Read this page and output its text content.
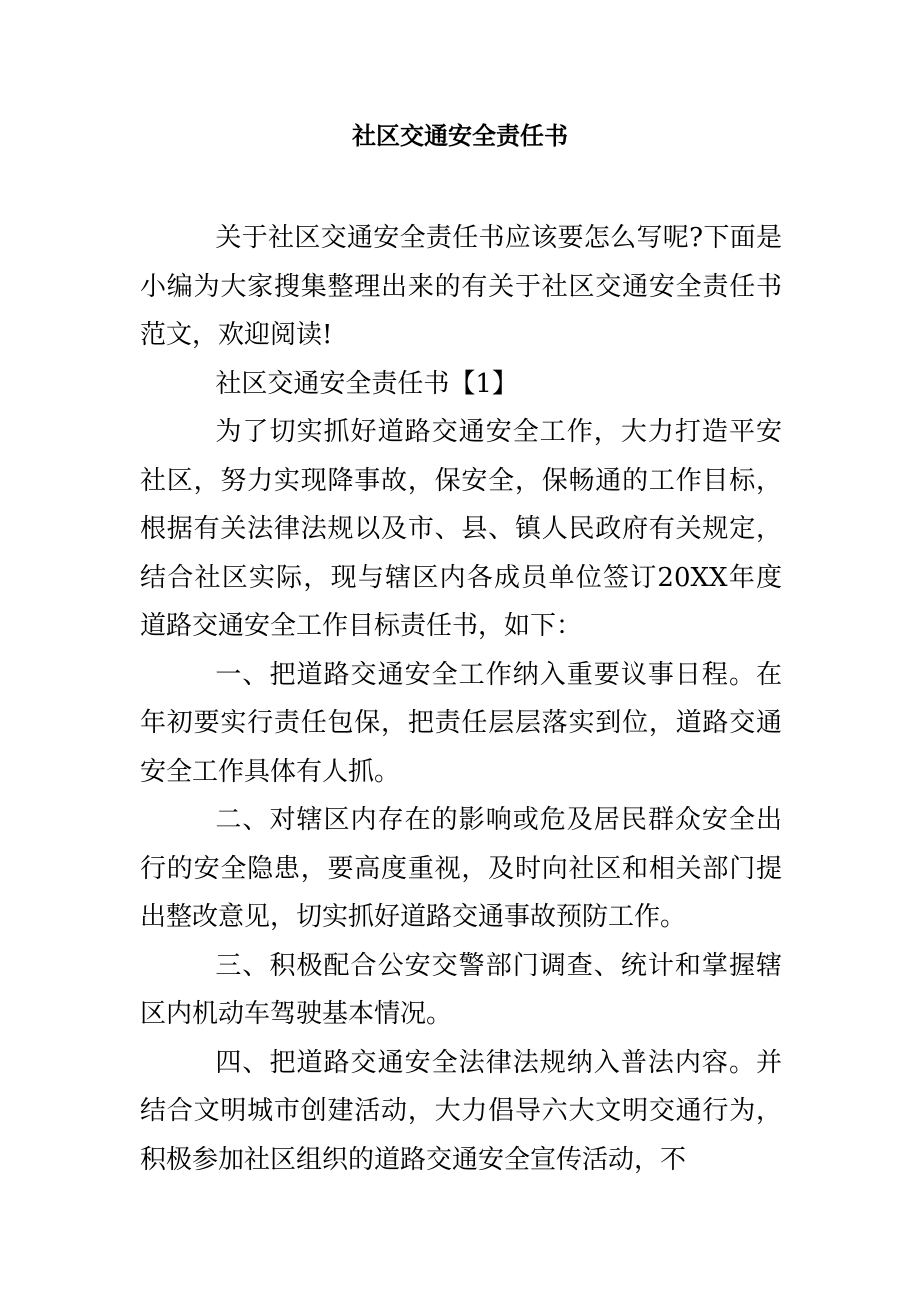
社区交通安全责任书

关于社区交通安全责任书应该要怎么写呢?下面是小编为大家搜集整理出来的有关于社区交通安全责任书范文，欢迎阅读!

社区交通安全责任书【1】

为了切实抓好道路交通安全工作，大力打造平安社区，努力实现降事故，保安全，保畅通的工作目标，根据有关法律法规以及市、县、镇人民政府有关规定，结合社区实际，现与辖区内各成员单位签订20XX年度道路交通安全工作目标责任书，如下：

一、把道路交通安全工作纳入重要议事日程。在年初要实行责任包保，把责任层层落实到位，道路交通安全工作具体有人抓。

二、对辖区内存在的影响或危及居民群众安全出行的安全隐患，要高度重视，及时向社区和相关部门提出整改意见，切实抓好道路交通事故预防工作。

三、积极配合公安交警部门调查、统计和掌握辖区内机动车驾驶基本情况。

四、把道路交通安全法律法规纳入普法内容。并结合文明城市创建活动，大力倡导六大文明交通行为，积极参加社区组织的道路交通安全宣传活动，不
